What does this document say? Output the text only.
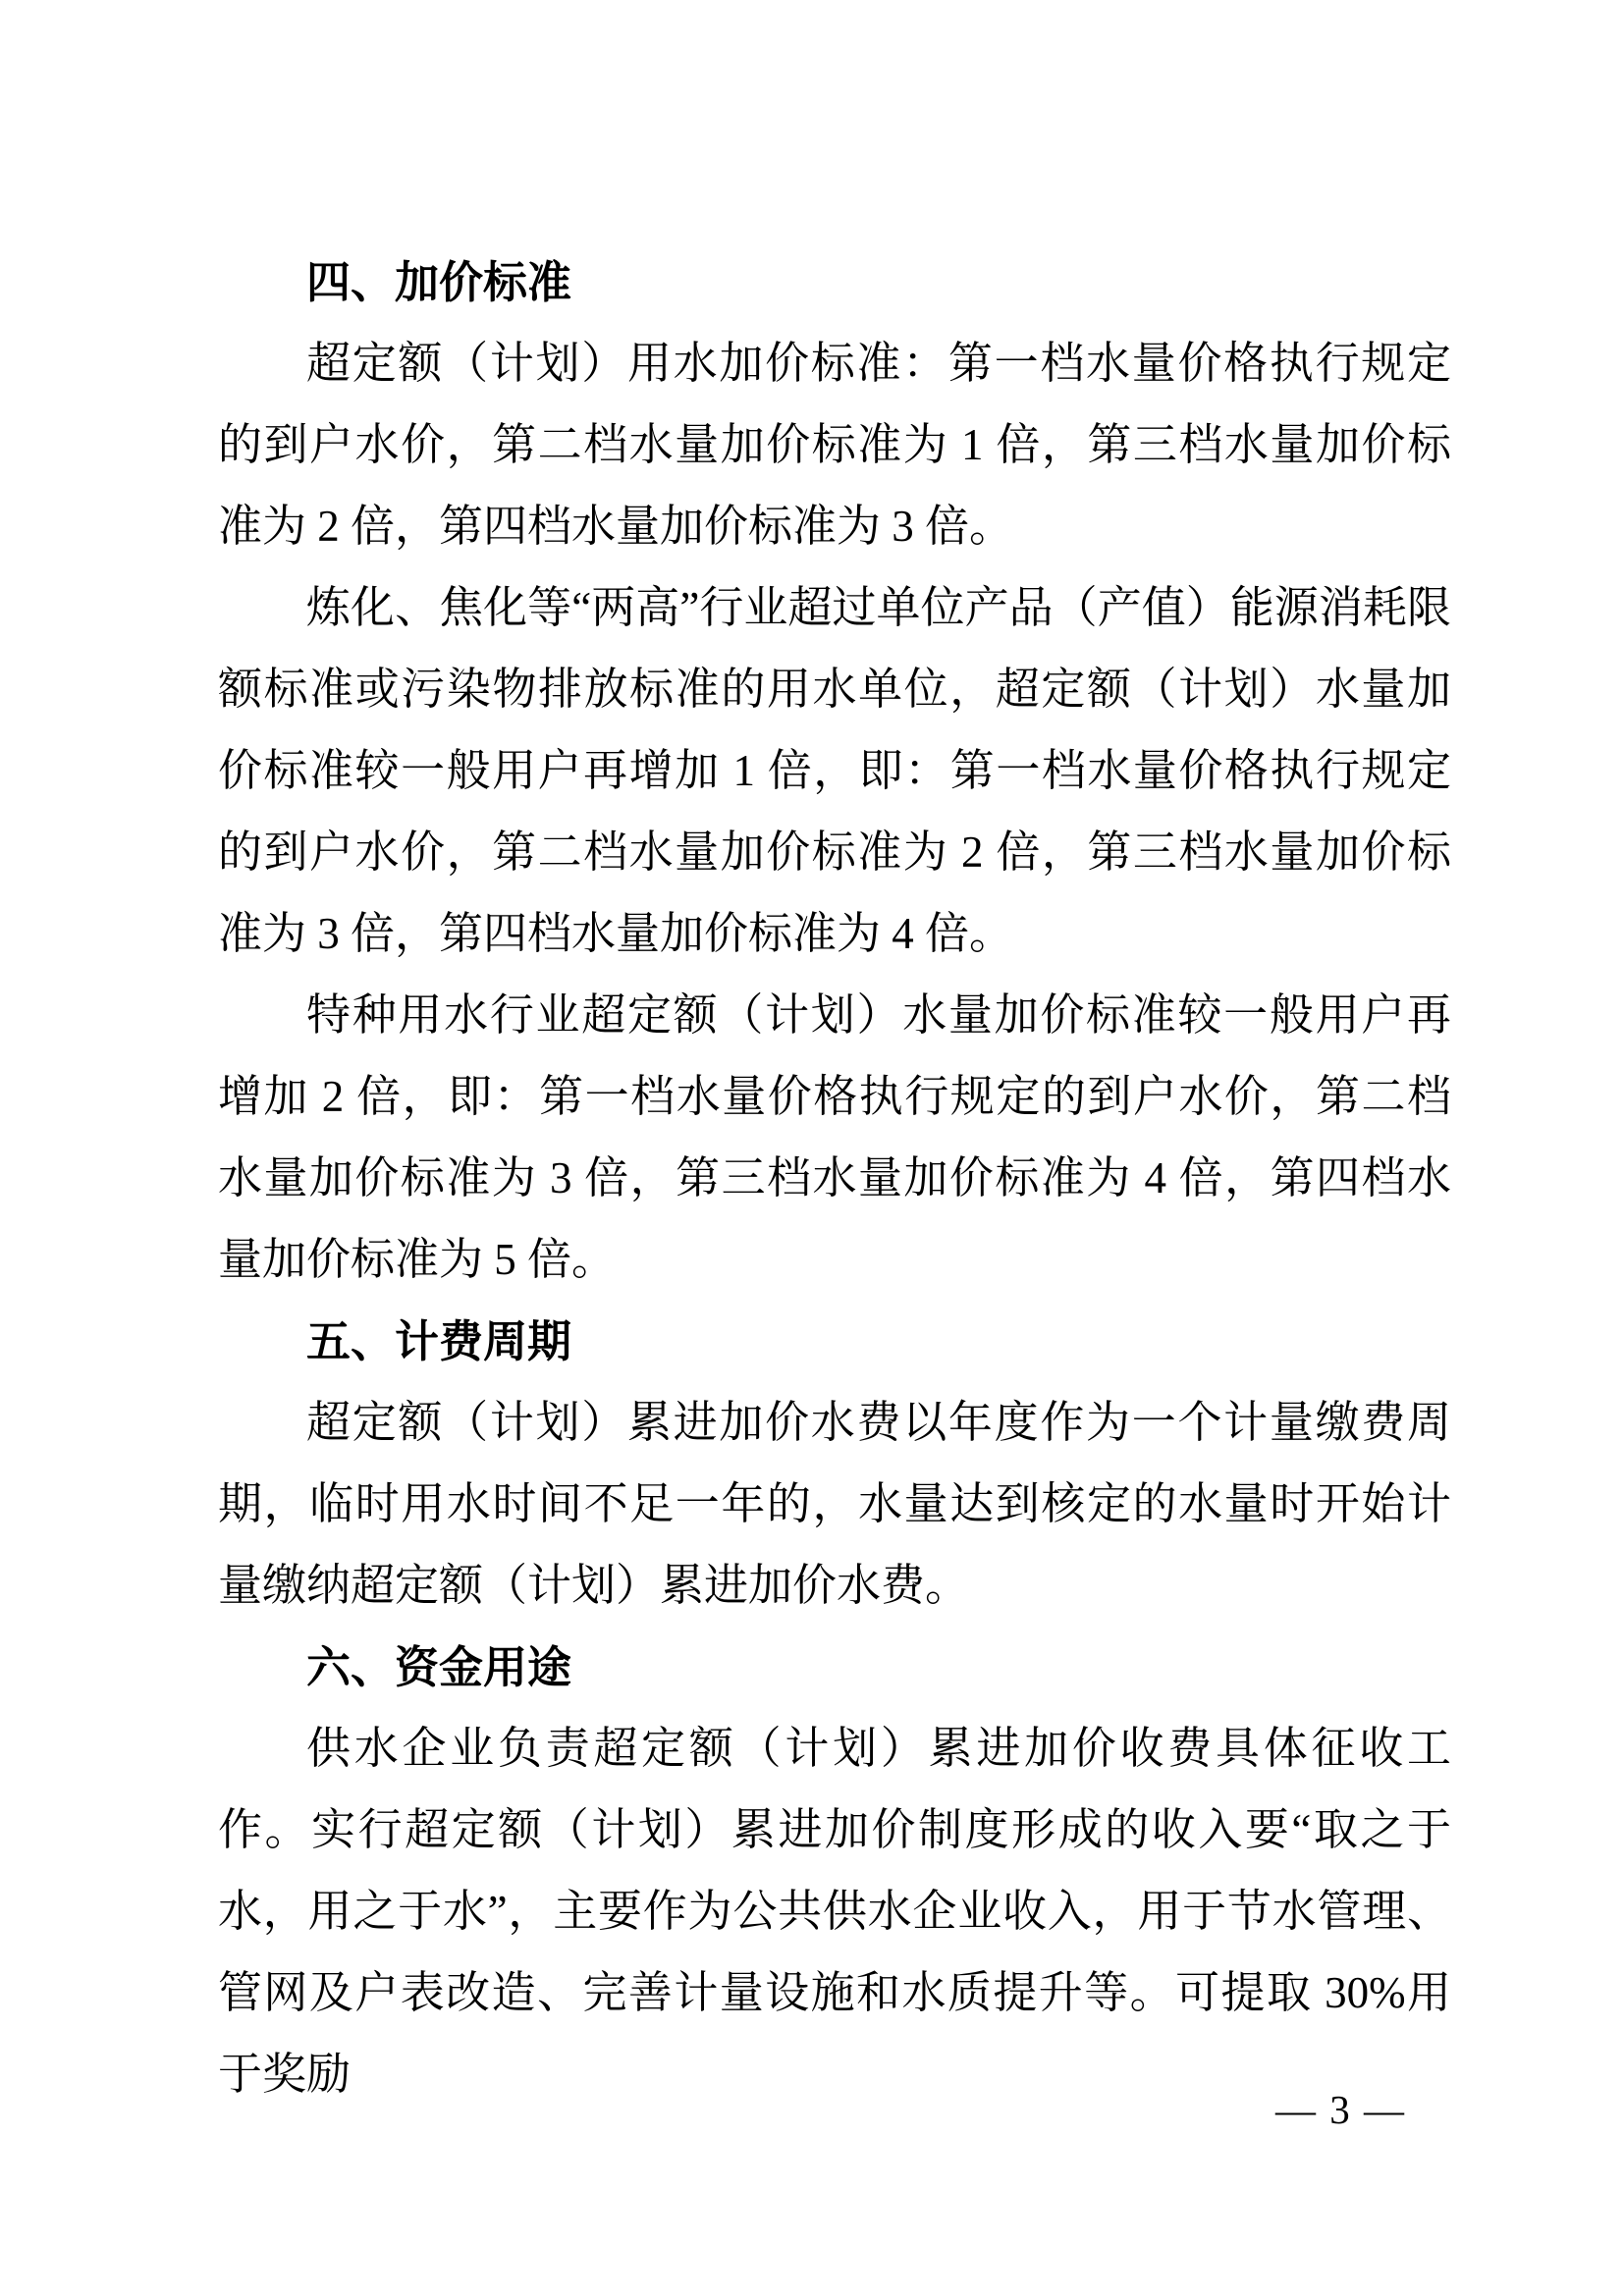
四、加价标准

超定额（计划）用水加价标准：第一档水量价格执行规定的到户水价，第二档水量加价标准为 1 倍，第三档水量加价标准为 2 倍，第四档水量加价标准为 3 倍。

炼化、焦化等“两高”行业超过单位产品（产值）能源消耗限额标准或污染物排放标准的用水单位，超定额（计划）水量加价标准较一般用户再增加 1 倍，即：第一档水量价格执行规定的到户水价，第二档水量加价标准为 2 倍，第三档水量加价标准为 3 倍，第四档水量加价标准为 4 倍。

特种用水行业超定额（计划）水量加价标准较一般用户再增加 2 倍，即：第一档水量价格执行规定的到户水价，第二档水量加价标准为 3 倍，第三档水量加价标准为 4 倍，第四档水量加价标准为 5 倍。

五、计费周期

超定额（计划）累进加价水费以年度作为一个计量缴费周期，临时用水时间不足一年的，水量达到核定的水量时开始计量缴纳超定额（计划）累进加价水费。

六、资金用途

供水企业负责超定额（计划）累进加价收费具体征收工作。实行超定额（计划）累进加价制度形成的收入要“取之于水，用之于水”，主要作为公共供水企业收入，用于节水管理、管网及户表改造、完善计量设施和水质提升等。可提取 30%用于奖励

— 3 —
